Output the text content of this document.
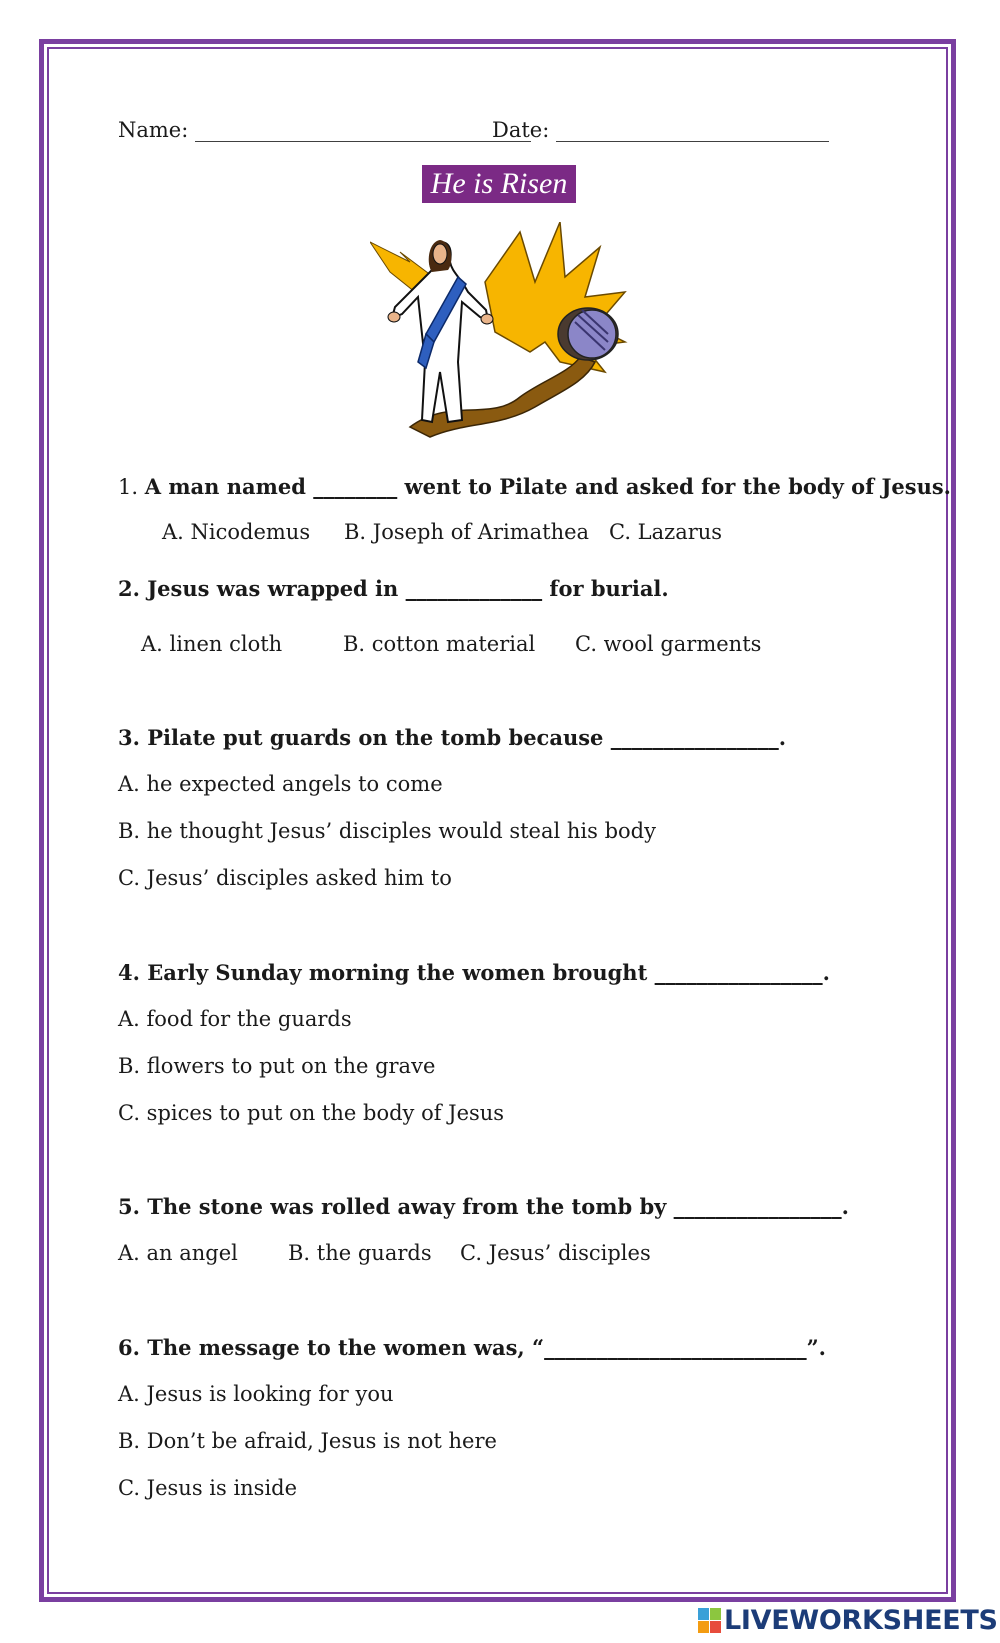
Name: ________________________________
Date: __________________________
He is Risen
1. A man named ________ went to Pilate and asked for the body of Jesus.
A. Nicodemus B. Joseph of Arimathea C. Lazarus
2. Jesus was wrapped in _____________ for burial.
A. linen cloth	B. cotton material C. wool garments
3. Pilate put guards on the tomb because ________________.
A. he expected angels to come
B. he thought Jesus’ disciples would steal his body
C. Jesus’ disciples asked him to
4. Early Sunday morning the women brought ________________.
A. food for the guards
B. flowers to put on the grave
C. spices to put on the body of Jesus
5. The stone was rolled away from the tomb by ________________.
A. an angel B. the guards C. Jesus’ disciples
6. The message to the women was, “_________________________”.
A. Jesus is looking for you
B. Don’t be afraid, Jesus is not here
C. Jesus is inside
LIVEWORKSHEETS
